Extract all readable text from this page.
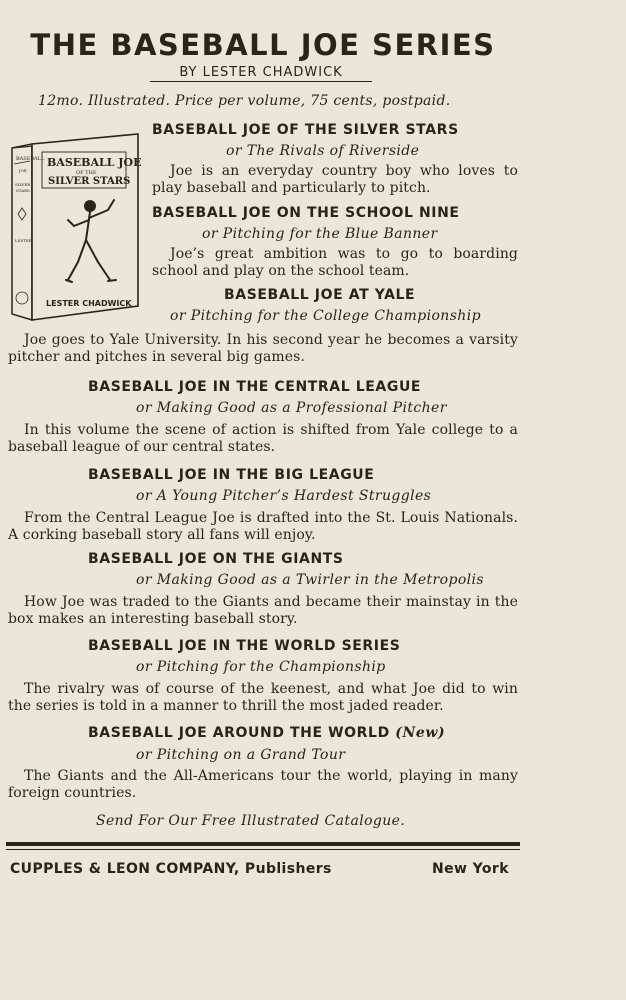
THE BASEBALL JOE SERIES
BY LESTER CHADWICK
12mo. Illustrated. Price per volume, 75 cents, postpaid.
BASEBALL
JOE
SILVER
STARS
LESTER
BASEBALL JOE
OF THE
SILVER STARS
LESTER CHADWICK
BASEBALL JOE OF THE SILVER STARS
or The Rivals of Riverside
Joe is an everyday country boy who loves to play baseball and particularly to pitch.
BASEBALL JOE ON THE SCHOOL NINE
or Pitching for the Blue Banner
Joe’s great ambition was to go to boarding school and play on the school team.
BASEBALL JOE AT YALE
or Pitching for the College Championship
Joe goes to Yale University. In his second year he becomes a varsity pitcher and pitches in several big games.
BASEBALL JOE IN THE CENTRAL LEAGUE
or Making Good as a Professional Pitcher
In this volume the scene of action is shifted from Yale college to a baseball league of our central states.
BASEBALL JOE IN THE BIG LEAGUE
or A Young Pitcher’s Hardest Struggles
From the Central League Joe is drafted into the St. Louis Nationals. A corking baseball story all fans will enjoy.
BASEBALL JOE ON THE GIANTS
or Making Good as a Twirler in the Metropolis
How Joe was traded to the Giants and became their mainstay in the box makes an interesting baseball story.
BASEBALL JOE IN THE WORLD SERIES
or Pitching for the Championship
The rivalry was of course of the keenest, and what Joe did to win the series is told in a manner to thrill the most jaded reader.
BASEBALL JOE AROUND THE WORLD (New)
or Pitching on a Grand Tour
The Giants and the All-Americans tour the world, playing in many foreign countries.
Send For Our Free Illustrated Catalogue.
CUPPLES & LEON COMPANY, Publishers	New York
